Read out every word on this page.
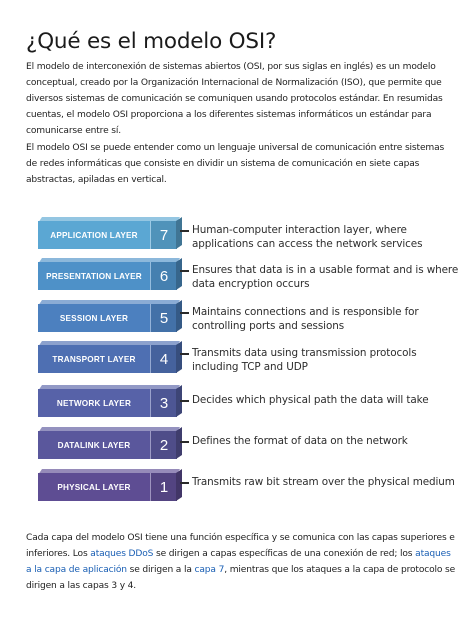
¿Qué es el modelo OSI?

El modelo de interconexión de sistemas abiertos (OSI, por sus siglas en inglés) es un modelo conceptual, creado por la Organización Internacional de Normalización (ISO), que permite que diversos sistemas de comunicación se comuniquen usando protocolos estándar. En resumidas cuentas, el modelo OSI proporciona a los diferentes sistemas informáticos un estándar para comunicarse entre sí.

El modelo OSI se puede entender como un lenguaje universal de comunicación entre sistemas de redes informáticas que consiste en dividir un sistema de comunicación en siete capas abstractas, apiladas en vertical.

APPLICATION LAYER	7	Human-computer interaction layer, where applications can access the network services
PRESENTATION LAYER	6	Ensures that data is in a usable format and is where data encryption occurs
SESSION LAYER	5	Maintains connections and is responsible for controlling ports and sessions
TRANSPORT LAYER	4	Transmits data using transmission protocols including TCP and UDP
NETWORK LAYER	3	Decides which physical path the data will take
DATALINK LAYER	2	Defines the format of data on the network
PHYSICAL LAYER	1	Transmits raw bit stream over the physical medium

Cada capa del modelo OSI tiene una función específica y se comunica con las capas superiores e inferiores. Los ataques DDoS se dirigen a capas específicas de una conexión de red; los ataques a la capa de aplicación se dirigen a la capa 7, mientras que los ataques a la capa de protocolo se dirigen a las capas 3 y 4.
